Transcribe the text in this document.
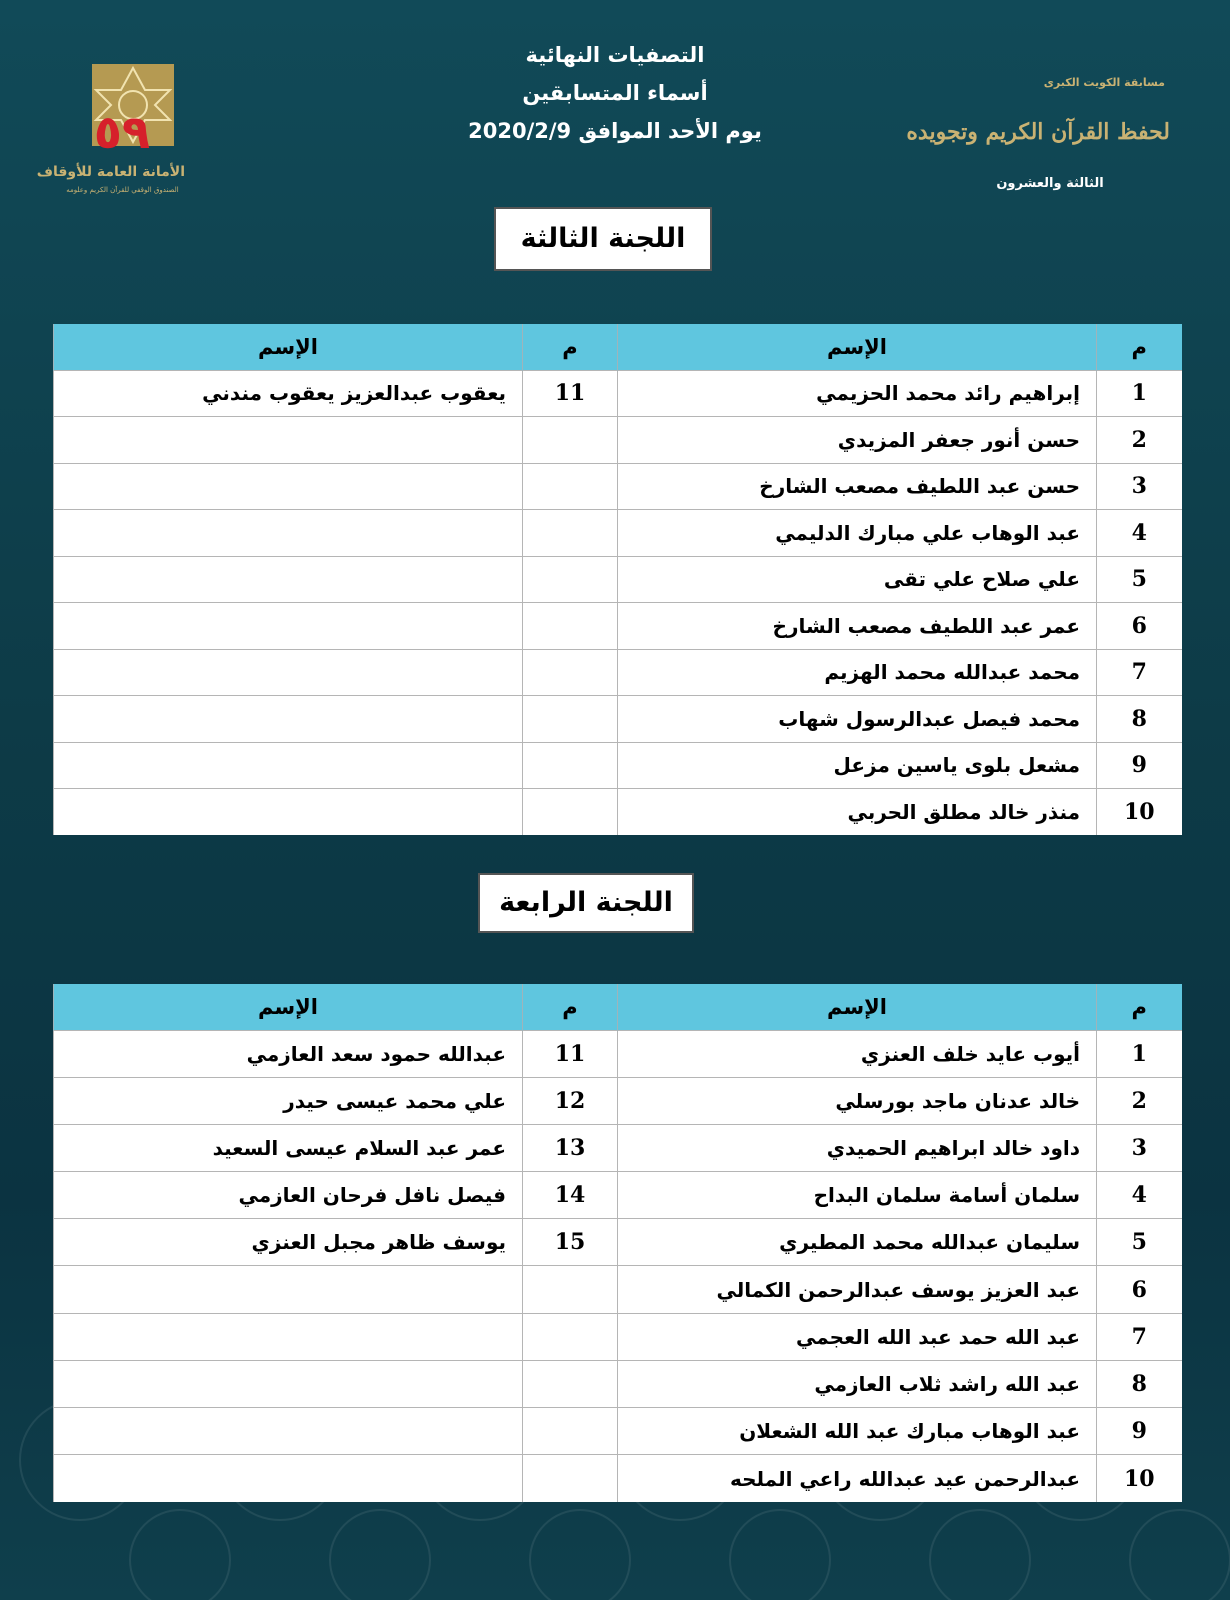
٥٩
الأمانة العامة للأوقاف
الصندوق الوقفي للقرآن الكريم وعلومه
مسابقة الكويت الكبرى
لحفظ القرآن الكريم وتجويده
الثالثة والعشرون
التصفيات النهائية
أسماء المتسابقين
يوم الأحد الموافق 2020/2/9
اللجنة الثالثة
م	الإسم	م	الإسم
1	إبراهيم رائد محمد الحزيمي	11	يعقوب عبدالعزيز يعقوب مندني
2	حسن أنور جعفر المزيدي		
3	حسن عبد اللطيف مصعب الشارخ		
4	عبد الوهاب علي مبارك الدليمي		
5	علي صلاح علي تقى		
6	عمر عبد اللطيف مصعب الشارخ		
7	محمد عبدالله محمد الهزيم		
8	محمد فيصل عبدالرسول شهاب		
9	مشعل بلوى ياسين مزعل		
10	منذر خالد مطلق الحربي		
اللجنة الرابعة
م	الإسم	م	الإسم
1	أيوب عايد خلف العنزي	11	عبدالله حمود سعد العازمي
2	خالد عدنان ماجد بورسلي	12	علي محمد عيسى حيدر
3	داود خالد ابراهيم الحميدي	13	عمر عبد السلام عيسى السعيد
4	سلمان أسامة سلمان البداح	14	فيصل نافل فرحان العازمي
5	سليمان عبدالله محمد المطيري	15	يوسف ظاهر مجبل العنزي
6	عبد العزيز يوسف عبدالرحمن الكمالي		
7	عبد الله حمد عبد الله العجمي		
8	عبد الله راشد ثلاب العازمي		
9	عبد الوهاب مبارك عبد الله الشعلان		
10	عبدالرحمن عيد عبدالله راعي الملحه		
